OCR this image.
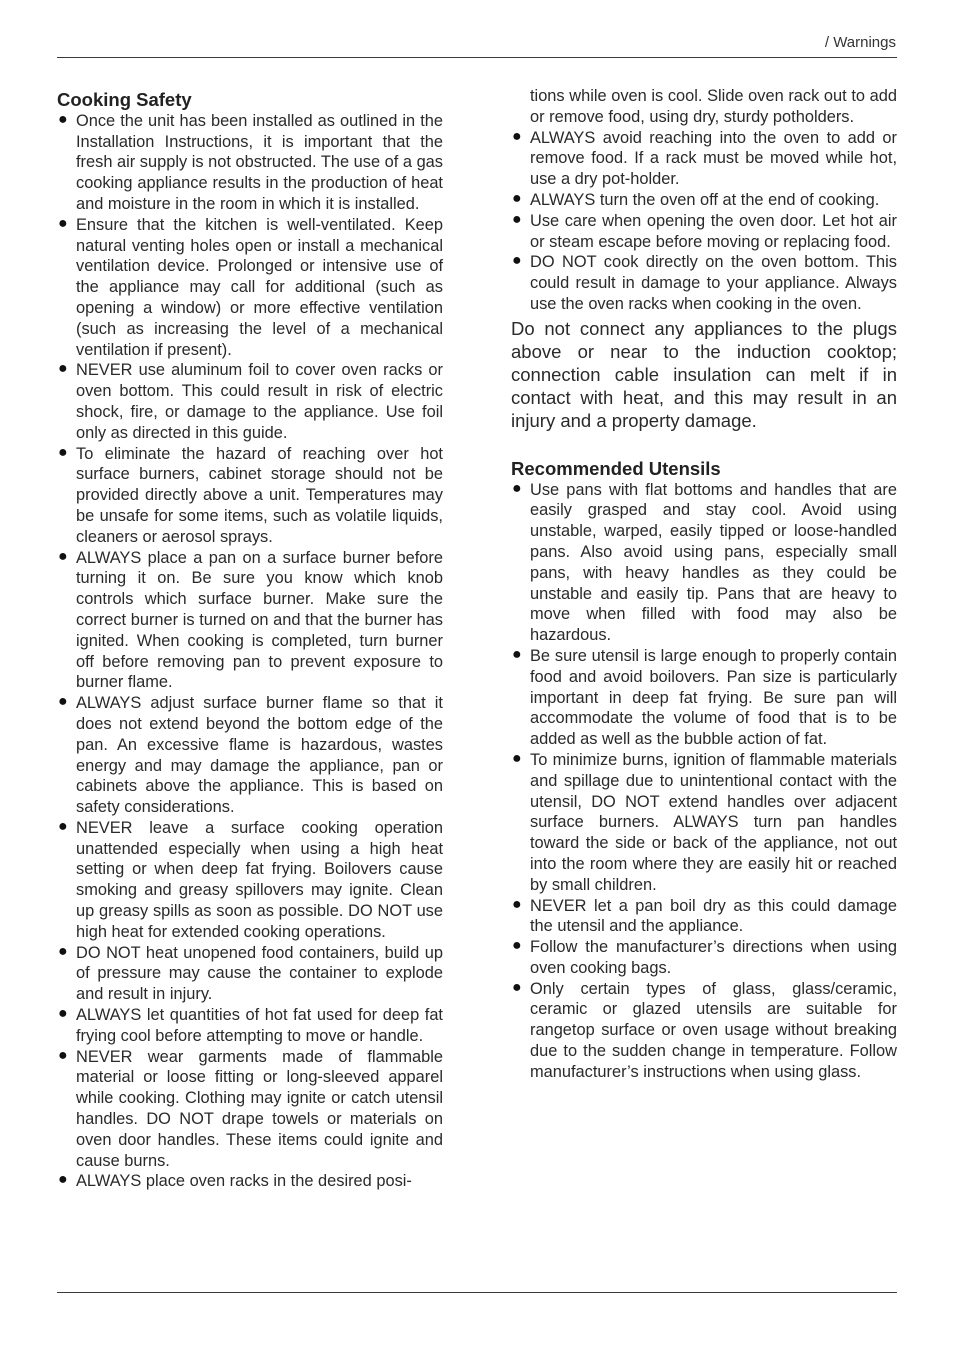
/ Warnings
Cooking Safety
● Once the unit has been installed as outlined in the Installation Instructions, it is important that the fresh air supply is not obstructed. The use of a gas cooking appliance results in the production of heat and moisture in the room in which it is installed.
● Ensure that the kitchen is well-ventilated. Keep natural venting holes open or install a mechanical ventilation device. Prolonged or intensive use of the appliance may call for additional (such as opening a window) or more effective ventilation (such as increasing the level of a mechanical ventilation if present).
● NEVER use aluminum foil to cover oven racks or oven bottom. This could result in risk of electric shock, fire, or damage to the appliance. Use foil only as directed in this guide.
● To eliminate the hazard of reaching over hot surface burners, cabinet storage should not be provided directly above a unit. Temperatures may be unsafe for some items, such as volatile liquids, cleaners or aerosol sprays.
● ALWAYS place a pan on a surface burner before turning it on. Be sure you know which knob controls which surface burner. Make sure the correct burner is turned on and that the burner has ignited. When cooking is completed, turn burner off before removing pan to prevent exposure to burner flame.
● ALWAYS adjust surface burner flame so that it does not extend beyond the bottom edge of the pan. An excessive flame is hazardous, wastes energy and may damage the appliance, pan or cabinets above the appliance. This is based on safety considerations.
● NEVER leave a surface cooking operation unattended especially when using a high heat setting or when deep fat frying. Boilovers cause smoking and greasy spillovers may ignite. Clean up greasy spills as soon as possible. DO NOT use high heat for extended cooking operations.
● DO NOT heat unopened food containers, build up of pressure may cause the container to explode and result in injury.
● ALWAYS let quantities of hot fat used for deep fat frying cool before attempting to move or handle.
● NEVER wear garments made of flammable material or loose fitting or long-sleeved apparel while cooking. Clothing may ignite or catch utensil handles. DO NOT drape towels or materials on oven door handles. These items could ignite and cause burns.
● ALWAYS place oven racks in the desired posi-
tions while oven is cool. Slide oven rack out to add or remove food, using dry, sturdy potholders.
● ALWAYS avoid reaching into the oven to add or remove food. If a rack must be moved while hot, use a dry pot-holder.
● ALWAYS turn the oven off at the end of cooking.
● Use care when opening the oven door. Let hot air or steam escape before moving or replacing food.
● DO NOT cook directly on the oven bottom. This could result in damage to your appliance. Always use the oven racks when cooking in the oven.

Do not connect any appliances to the plugs above or near to the induction cooktop; connection cable insulation can melt if in contact with heat, and this may result in an injury and a property damage.

Recommended Utensils
● Use pans with flat bottoms and handles that are easily grasped and stay cool. Avoid using unstable, warped, easily tipped or loose-handled pans. Also avoid using pans, especially small pans, with heavy handles as they could be unstable and easily tip. Pans that are heavy to move when filled with food may also be hazardous.
● Be sure utensil is large enough to properly contain food and avoid boilovers. Pan size is particularly important in deep fat frying. Be sure pan will accommodate the volume of food that is to be added as well as the bubble action of fat.
● To minimize burns, ignition of flammable materials and spillage due to unintentional contact with the utensil, DO NOT extend handles over adjacent surface burners. ALWAYS turn pan handles toward the side or back of the appliance, not out into the room where they are easily hit or reached by small children.
● NEVER let a pan boil dry as this could damage the utensil and the appliance.
● Follow the manufacturer’s directions when using oven cooking bags.
● Only certain types of glass, glass/ceramic, ceramic or glazed utensils are suitable for rangetop surface or oven usage without breaking due to the sudden change in temperature. Follow manufacturer’s instructions when using glass.
